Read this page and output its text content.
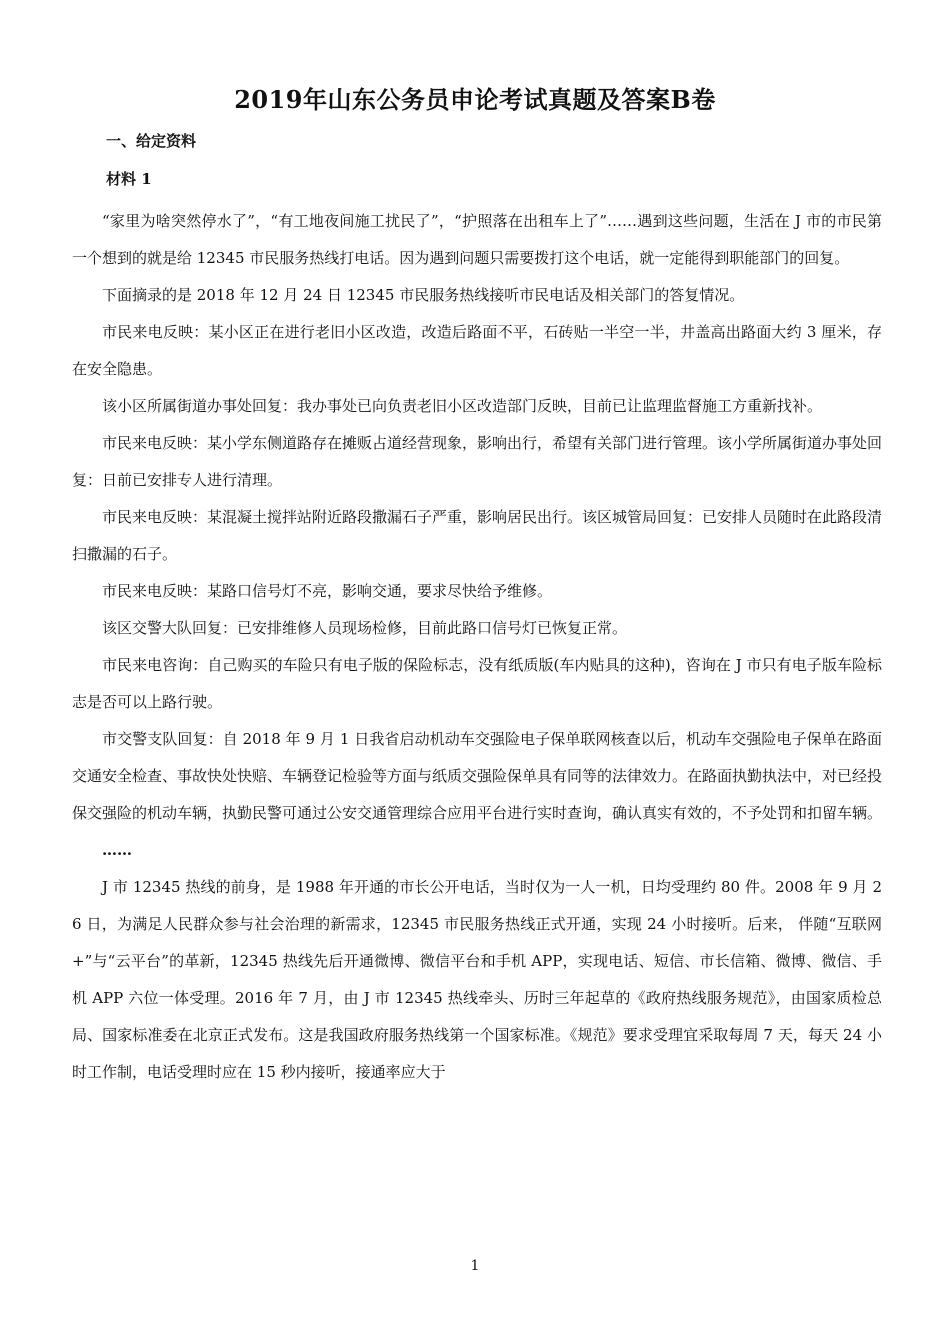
2019年山东公务员申论考试真题及答案B卷
一、给定资料
材料 1

“家里为啥突然停水了”，“有工地夜间施工扰民了”，“护照落在出租车上了”……遇到这些问题，生活在 J 市的市民第一个想到的就是给 12345 市民服务热线打电话。因为遇到问题只需要拨打这个电话，就一定能得到职能部门的回复。

下面摘录的是 2018 年 12 月 24 日 12345 市民服务热线接听市民电话及相关部门的答复情况。

市民来电反映：某小区正在进行老旧小区改造，改造后路面不平，石砖贴一半空一半，井盖高出路面大约 3 厘米，存在安全隐患。

该小区所属街道办事处回复：我办事处已向负责老旧小区改造部门反映，目前已让监理监督施工方重新找补。

市民来电反映：某小学东侧道路存在摊贩占道经营现象，影响出行，希望有关部门进行管理。该小学所属街道办事处回复：日前已安排专人进行清理。

市民来电反映：某混凝土搅拌站附近路段撒漏石子严重，影响居民出行。该区城管局回复：已安排人员随时在此路段清扫撒漏的石子。

市民来电反映：某路口信号灯不亮，影响交通，要求尽快给予维修。

该区交警大队回复：已安排维修人员现场检修，目前此路口信号灯已恢复正常。

市民来电咨询：自己购买的车险只有电子版的保险标志，没有纸质版(车内贴具的这种)，咨询在 J 市只有电子版车险标志是否可以上路行驶。

市交警支队回复：自 2018 年 9 月 1 日我省启动机动车交强险电子保单联网核查以后，机动车交强险电子保单在路面交通安全检查、事故快处快赔、车辆登记检验等方面与纸质交强险保单具有同等的法律效力。在路面执勤执法中，对已经投保交强险的机动车辆，执勤民警可通过公安交通管理综合应用平台进行实时查询，确认真实有效的，不予处罚和扣留车辆。

……

J 市 12345 热线的前身，是 1988 年开通的市长公开电话，当时仅为一人一机，日均受理约 80 件。2008 年 9 月 26 日，为满足人民群众参与社会治理的新需求，12345 市民服务热线正式开通，实现 24 小时接听。后来， 伴随“互联网+”与“云平台”的革新，12345 热线先后开通微博、微信平台和手机 APP，实现电话、短信、市长信箱、微博、微信、手机 APP 六位一体受理。2016 年 7 月，由 J 市 12345 热线牵头、历时三年起草的《政府热线服务规范》，由国家质检总局、国家标准委在北京正式发布。这是我国政府服务热线第一个国家标准。《规范》要求受理宜采取每周 7 天，每天 24 小时工作制，电话受理时应在 15 秒内接听，接通率应大于

1
